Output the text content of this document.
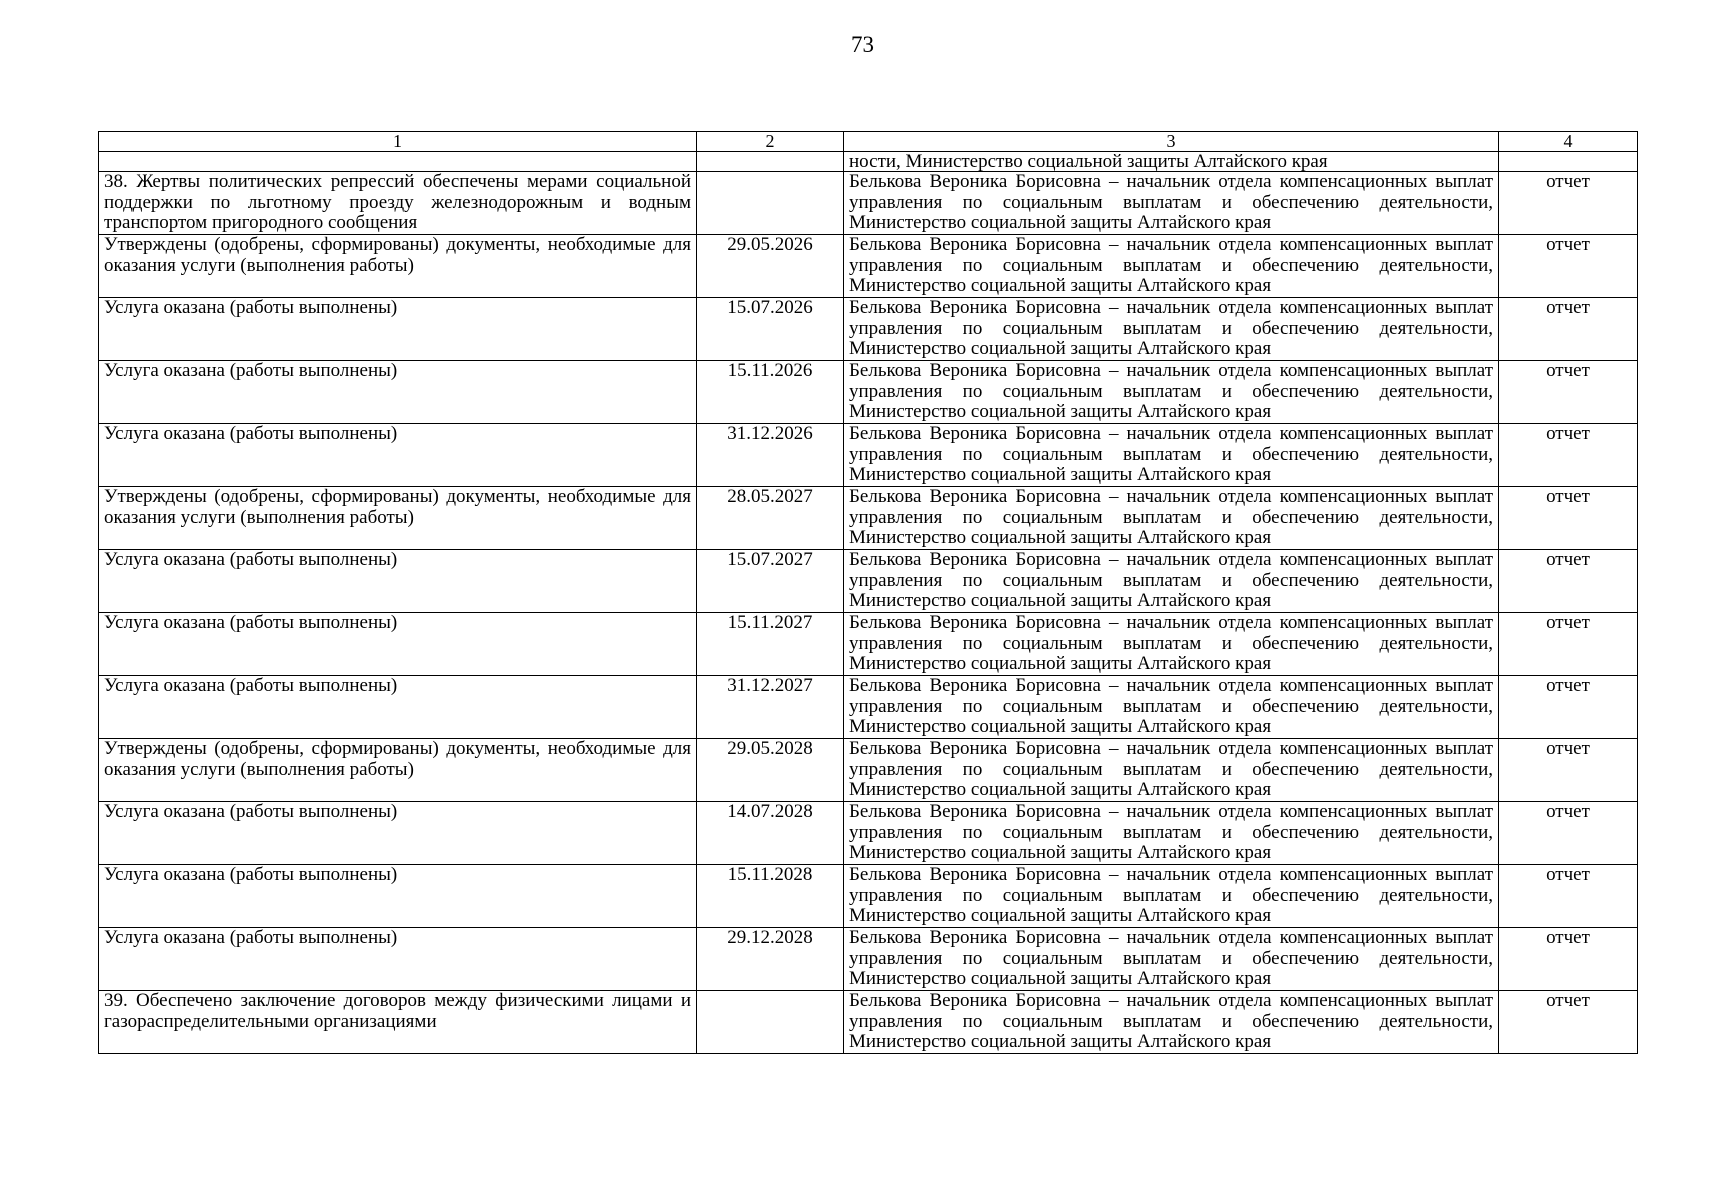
73
1	2	3	4
		ности, Министерство социальной защиты Алтайского края	
38. Жертвы политических репрессий обеспечены мерами социальной поддержки по льготному проезду железнодорожным и водным транспортом пригородного сообщения		Белькова Вероника Борисовна – начальник отдела компенсационных выплат управления по социальным выплатам и обеспечению деятельности, Министерство социальной защиты Алтайского края	отчет
Утверждены (одобрены, сформированы) документы, необходимые для оказания услуги (выполнения работы)	29.05.2026	Белькова Вероника Борисовна – начальник отдела компенсационных выплат управления по социальным выплатам и обеспечению деятельности, Министерство социальной защиты Алтайского края	отчет
Услуга оказана (работы выполнены)	15.07.2026	Белькова Вероника Борисовна – начальник отдела компенсационных выплат управления по социальным выплатам и обеспечению деятельности, Министерство социальной защиты Алтайского края	отчет
Услуга оказана (работы выполнены)	15.11.2026	Белькова Вероника Борисовна – начальник отдела компенсационных выплат управления по социальным выплатам и обеспечению деятельности, Министерство социальной защиты Алтайского края	отчет
Услуга оказана (работы выполнены)	31.12.2026	Белькова Вероника Борисовна – начальник отдела компенсационных выплат управления по социальным выплатам и обеспечению деятельности, Министерство социальной защиты Алтайского края	отчет
Утверждены (одобрены, сформированы) документы, необходимые для оказания услуги (выполнения работы)	28.05.2027	Белькова Вероника Борисовна – начальник отдела компенсационных выплат управления по социальным выплатам и обеспечению деятельности, Министерство социальной защиты Алтайского края	отчет
Услуга оказана (работы выполнены)	15.07.2027	Белькова Вероника Борисовна – начальник отдела компенсационных выплат управления по социальным выплатам и обеспечению деятельности, Министерство социальной защиты Алтайского края	отчет
Услуга оказана (работы выполнены)	15.11.2027	Белькова Вероника Борисовна – начальник отдела компенсационных выплат управления по социальным выплатам и обеспечению деятельности, Министерство социальной защиты Алтайского края	отчет
Услуга оказана (работы выполнены)	31.12.2027	Белькова Вероника Борисовна – начальник отдела компенсационных выплат управления по социальным выплатам и обеспечению деятельности, Министерство социальной защиты Алтайского края	отчет
Утверждены (одобрены, сформированы) документы, необходимые для оказания услуги (выполнения работы)	29.05.2028	Белькова Вероника Борисовна – начальник отдела компенсационных выплат управления по социальным выплатам и обеспечению деятельности, Министерство социальной защиты Алтайского края	отчет
Услуга оказана (работы выполнены)	14.07.2028	Белькова Вероника Борисовна – начальник отдела компенсационных выплат управления по социальным выплатам и обеспечению деятельности, Министерство социальной защиты Алтайского края	отчет
Услуга оказана (работы выполнены)	15.11.2028	Белькова Вероника Борисовна – начальник отдела компенсационных выплат управления по социальным выплатам и обеспечению деятельности, Министерство социальной защиты Алтайского края	отчет
Услуга оказана (работы выполнены)	29.12.2028	Белькова Вероника Борисовна – начальник отдела компенсационных выплат управления по социальным выплатам и обеспечению деятельности, Министерство социальной защиты Алтайского края	отчет
39. Обеспечено заключение договоров между физическими лицами и газораспределительными организациями		Белькова Вероника Борисовна – начальник отдела компенсационных выплат управления по социальным выплатам и обеспечению деятельности, Министерство социальной защиты Алтайского края	отчет
